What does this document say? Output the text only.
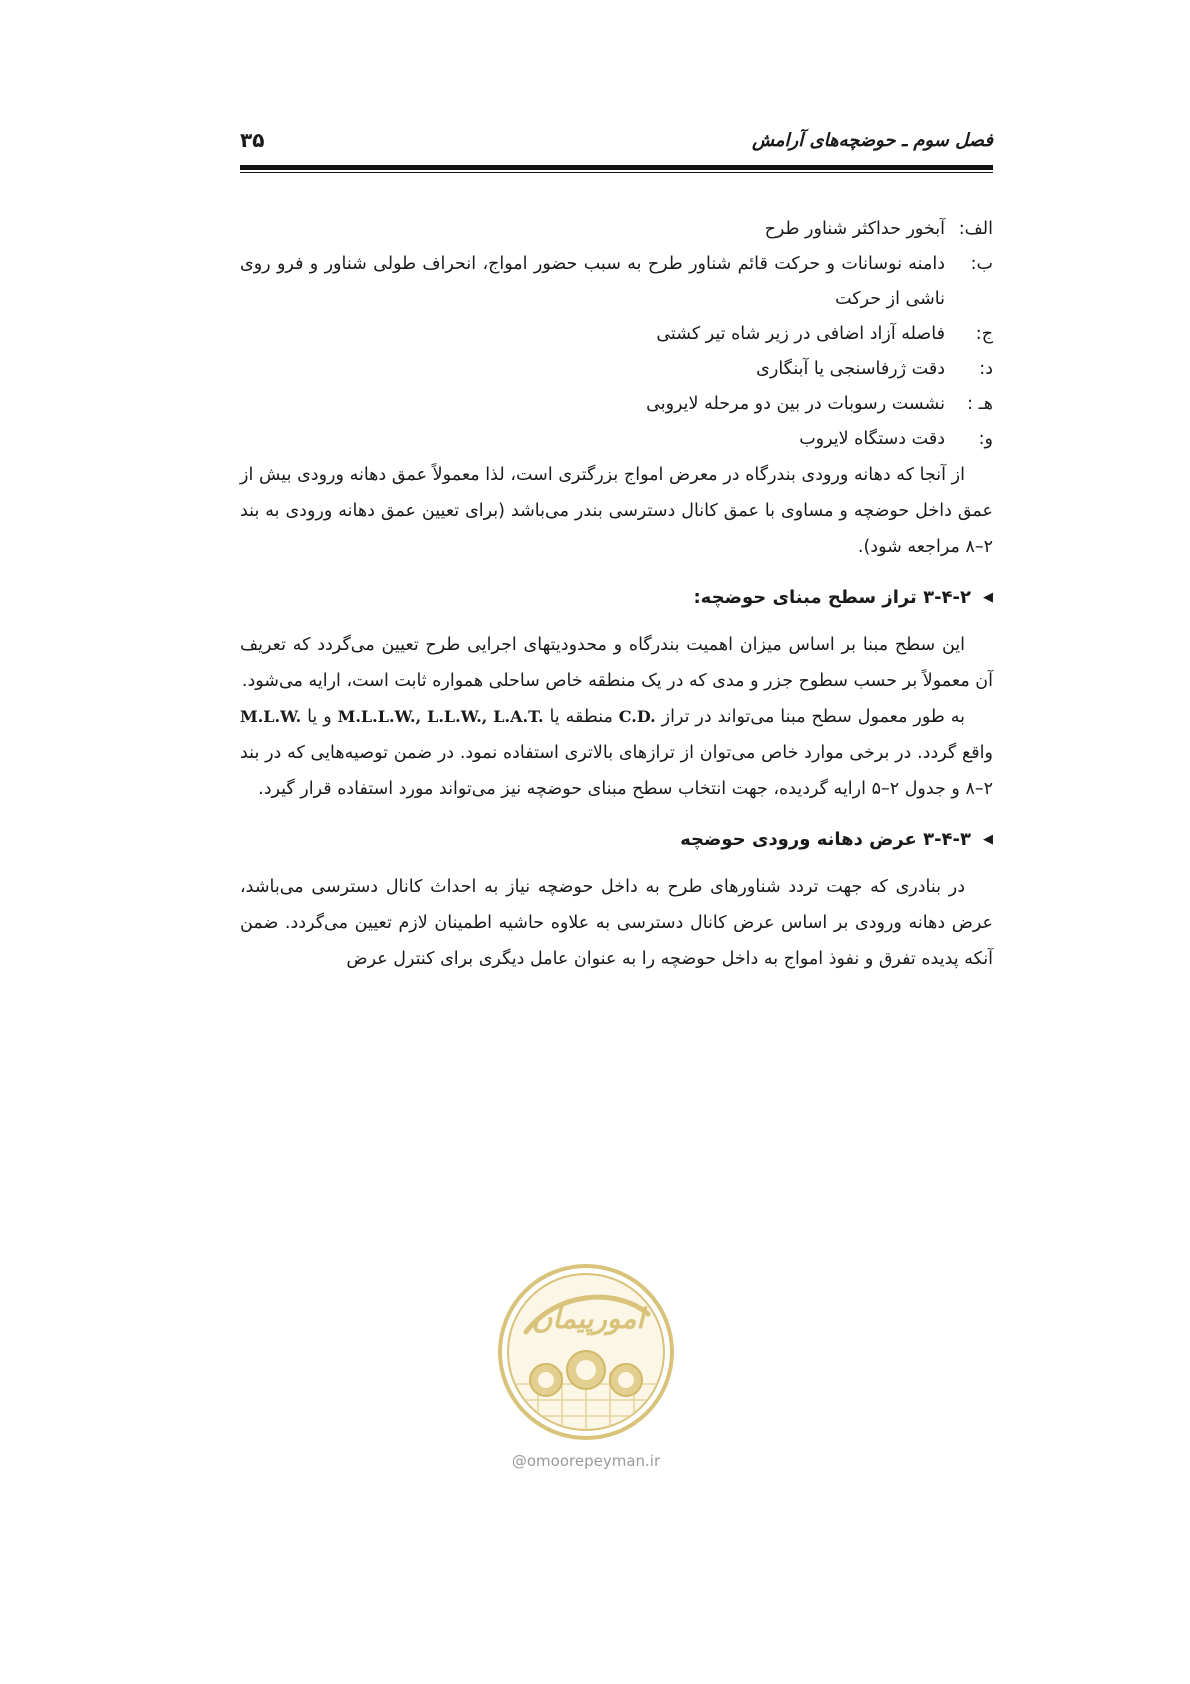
فصل سوم ـ حوضچه‌های آرامش
۳۵
الف:
آبخور حداکثر شناور طرح
ب:
دامنه نوسانات و حرکت قائم شناور طرح به سبب حضور امواج، انحراف طولی شناور و فرو روی ناشی از حرکت
ج:
فاصله آزاد اضافی در زیر شاه تیر کشتی
د:
دقت ژرفاسنجی یا آبنگاری
هـ :
نشست رسوبات در بین دو مرحله لایروبی
و:
دقت دستگاه لایروب

از آنجا که دهانه ورودی بندرگاه در معرض امواج بزرگتری است، لذا معمولاً عمق دهانه ورودی بیش از عمق داخل حوضچه و مساوی با عمق کانال دسترسی بندر می‌باشد (برای تعیین عمق دهانه ورودی به بند ۲–۸ مراجعه شود).

◀
۳-۴-۲ تراز سطح مبنای حوضچه:

این سطح مبنا بر اساس میزان اهمیت بندرگاه و محدودیتهای اجرایی طرح تعیین می‌گردد که تعریف آن معمولاً بر حسب سطوح جزر و مدی که در یک منطقه خاص ساحلی همواره ثابت است، ارایه می‌شود.

به طور معمول سطح مبنا می‌تواند در تراز C.D. منطقه یا M.L.L.W., L.L.W., L.A.T. و یا M.L.W. واقع گردد. در برخی موارد خاص می‌توان از ترازهای بالاتری استفاده نمود. در ضمن توصیه‌هایی که در بند ۲–۸ و جدول ۲–۵ ارایه گردیده، جهت انتخاب سطح مبنای حوضچه نیز می‌تواند مورد استفاده قرار گیرد.

◀
۳-۴-۳ عرض دهانه ورودی حوضچه

در بنادری که جهت تردد شناورهای طرح به داخل حوضچه نیاز به احداث کانال دسترسی می‌باشد، عرض دهانه ورودی بر اساس عرض کانال دسترسی به علاوه حاشیه اطمینان لازم تعیین می‌گردد. ضمن آنکه پدیده تفرق و نفوذ امواج به داخل حوضچه را به عنوان عامل دیگری برای کنترل عرض

امورپیمان
@omoorepeyman.ir
